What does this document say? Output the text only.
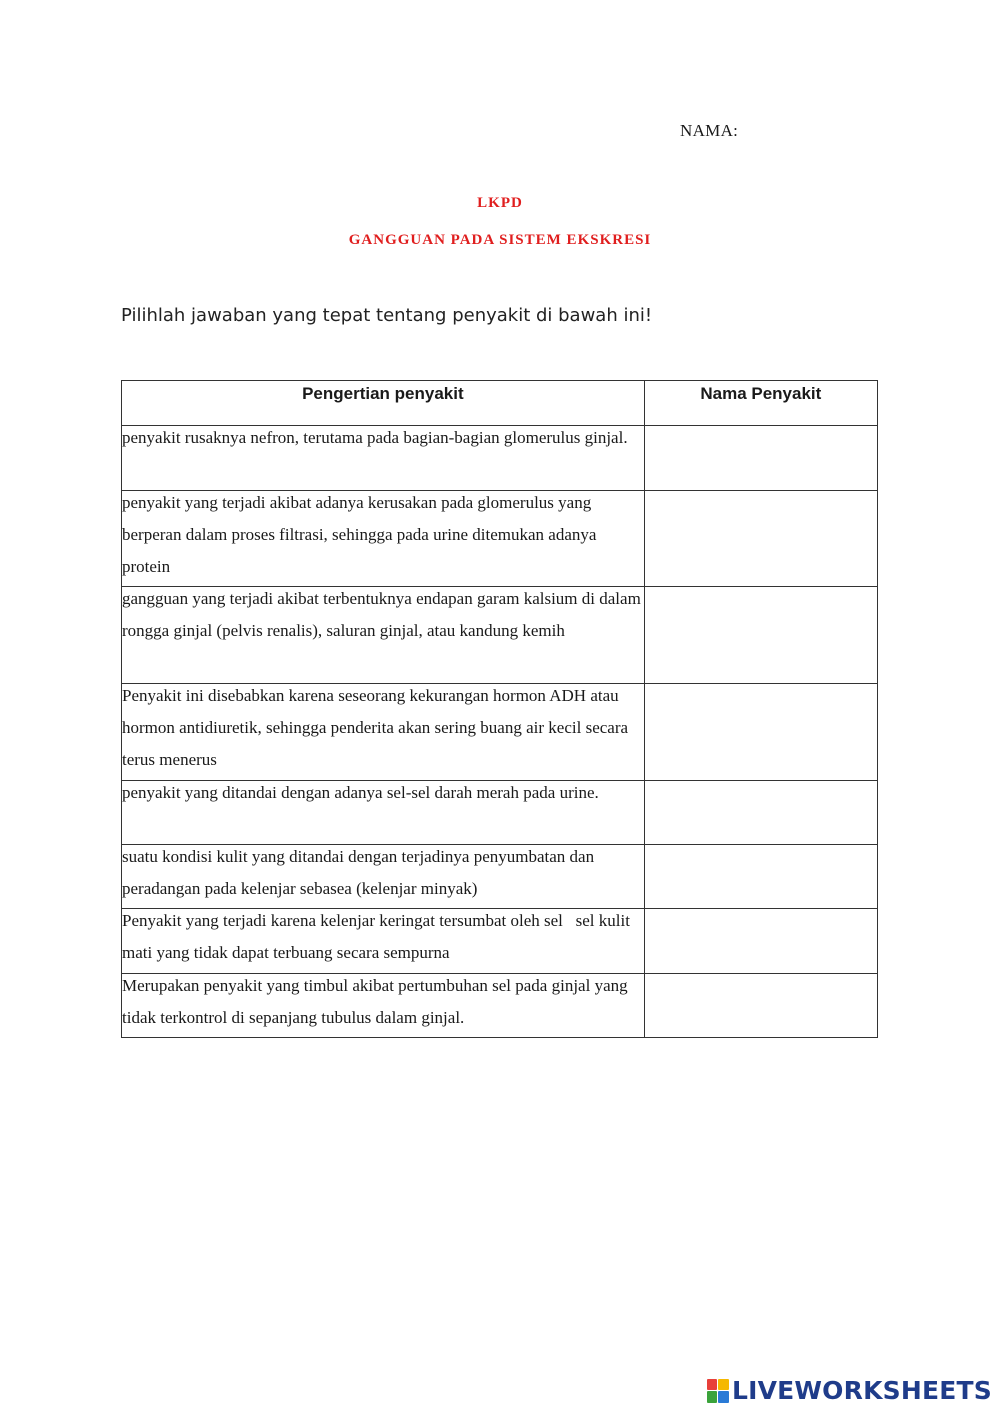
NAMA:
LKPD
GANGGUAN PADA SISTEM EKSKRESI
Pilihlah jawaban yang tepat tentang penyakit di bawah ini!
Pengertian penyakit	Nama Penyakit

penyakit rusaknya nefron, terutama pada bagian-bagian glomerulus ginjal.	

penyakit yang terjadi akibat adanya kerusakan pada glomerulus yang berperan dalam proses filtrasi, sehingga pada urine ditemukan adanya protein	

gangguan yang terjadi akibat terbentuknya endapan garam kalsium di dalam rongga ginjal (pelvis renalis), saluran ginjal, atau kandung kemih	

Penyakit ini disebabkan karena seseorang kekurangan hormon ADH atau hormon antidiuretik, sehingga penderita akan sering buang air kecil secara terus menerus	

penyakit yang ditandai dengan adanya sel-sel darah merah pada urine.	

suatu kondisi kulit yang ditandai dengan terjadinya penyumbatan dan peradangan pada kelenjar sebasea (kelenjar minyak)	

Penyakit yang terjadi karena kelenjar keringat tersumbat oleh sel   sel kulit mati yang tidak dapat terbuang secara sempurna	

Merupakan penyakit yang timbul akibat pertumbuhan sel pada ginjal yang tidak terkontrol di sepanjang tubulus dalam ginjal.	

LIVEWORKSHEETS
